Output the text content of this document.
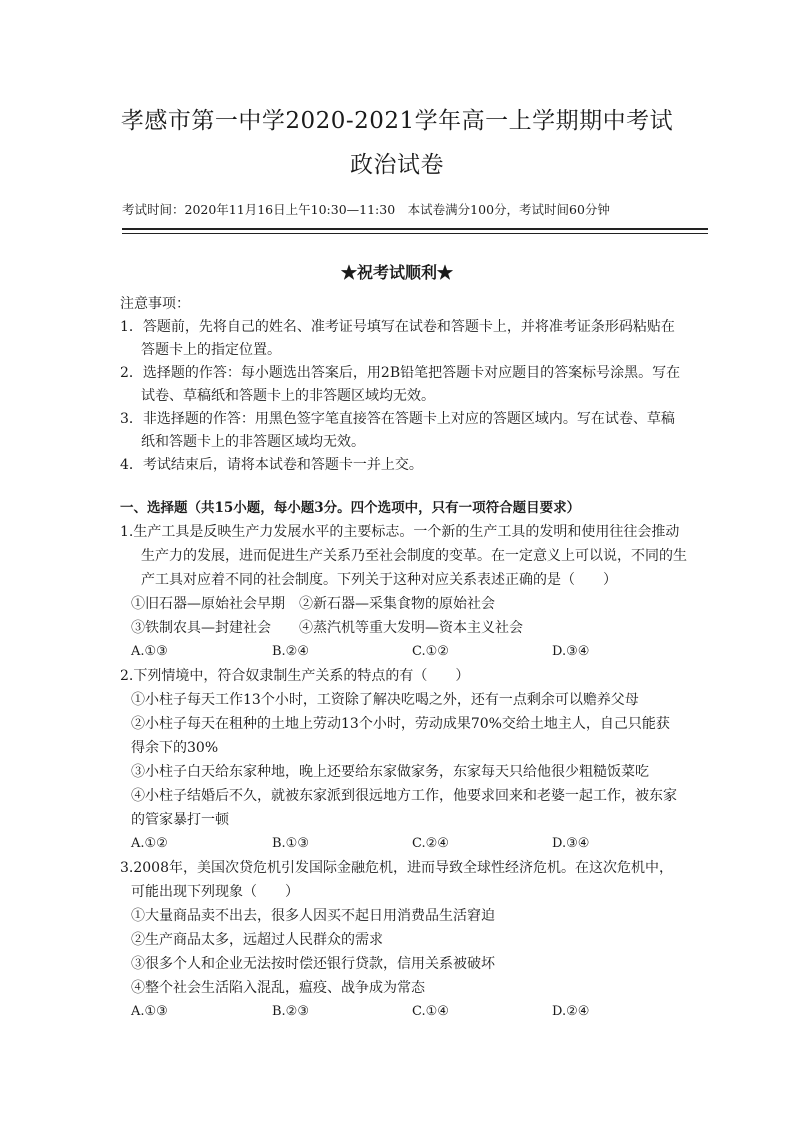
孝感市第一中学2020-2021学年高一上学期期中考试
政治试卷
考试时间：2020年11月16日上午10:30—11:30　本试卷满分100分，考试时间60分钟
★祝考试顺利★
注意事项：
1．答题前，先将自己的姓名、准考证号填写在试卷和答题卡上，并将准考证条形码粘贴在
答题卡上的指定位置。
2．选择题的作答：每小题选出答案后，用2B铅笔把答题卡对应题目的答案标号涂黑。写在
试卷、草稿纸和答题卡上的非答题区域均无效。
3．非选择题的作答：用黑色签字笔直接答在答题卡上对应的答题区域内。写在试卷、草稿
纸和答题卡上的非答题区域均无效。
4．考试结束后，请将本试卷和答题卡一并上交。
一、选择题（共15小题，每小题3分。四个选项中，只有一项符合题目要求）
1.生产工具是反映生产力发展水平的主要标志。一个新的生产工具的发明和使用往往会推动
生产力的发展，进而促进生产关系乃至社会制度的变革。在一定意义上可以说，不同的生
产工具对应着不同的社会制度。下列关于这种对应关系表述正确的是（　　）
①旧石器—原始社会早期　②新石器—采集食物的原始社会
③铁制农具—封建社会　　④蒸汽机等重大发明—资本主义社会
A.①③	B.②④	C.①②	D.③④
2.下列情境中，符合奴隶制生产关系的特点的有（　　）
①小柱子每天工作13个小时，工资除了解决吃喝之外，还有一点剩余可以赡养父母
②小柱子每天在租种的土地上劳动13个小时，劳动成果70%交给土地主人，自己只能获
得余下的30%
③小柱子白天给东家种地，晚上还要给东家做家务，东家每天只给他很少粗糙饭菜吃
④小柱子结婚后不久，就被东家派到很远地方工作，他要求回来和老婆一起工作，被东家
的管家暴打一顿
A.①②	B.①③	C.②④	D.③④
3.2008年，美国次贷危机引发国际金融危机，进而导致全球性经济危机。在这次危机中，
可能出现下列现象（　　）
①大量商品卖不出去，很多人因买不起日用消费品生活窘迫
②生产商品太多，远超过人民群众的需求
③很多个人和企业无法按时偿还银行贷款，信用关系被破坏
④整个社会生活陷入混乱，瘟疫、战争成为常态
A.①③	B.②③	C.①④	D.②④
